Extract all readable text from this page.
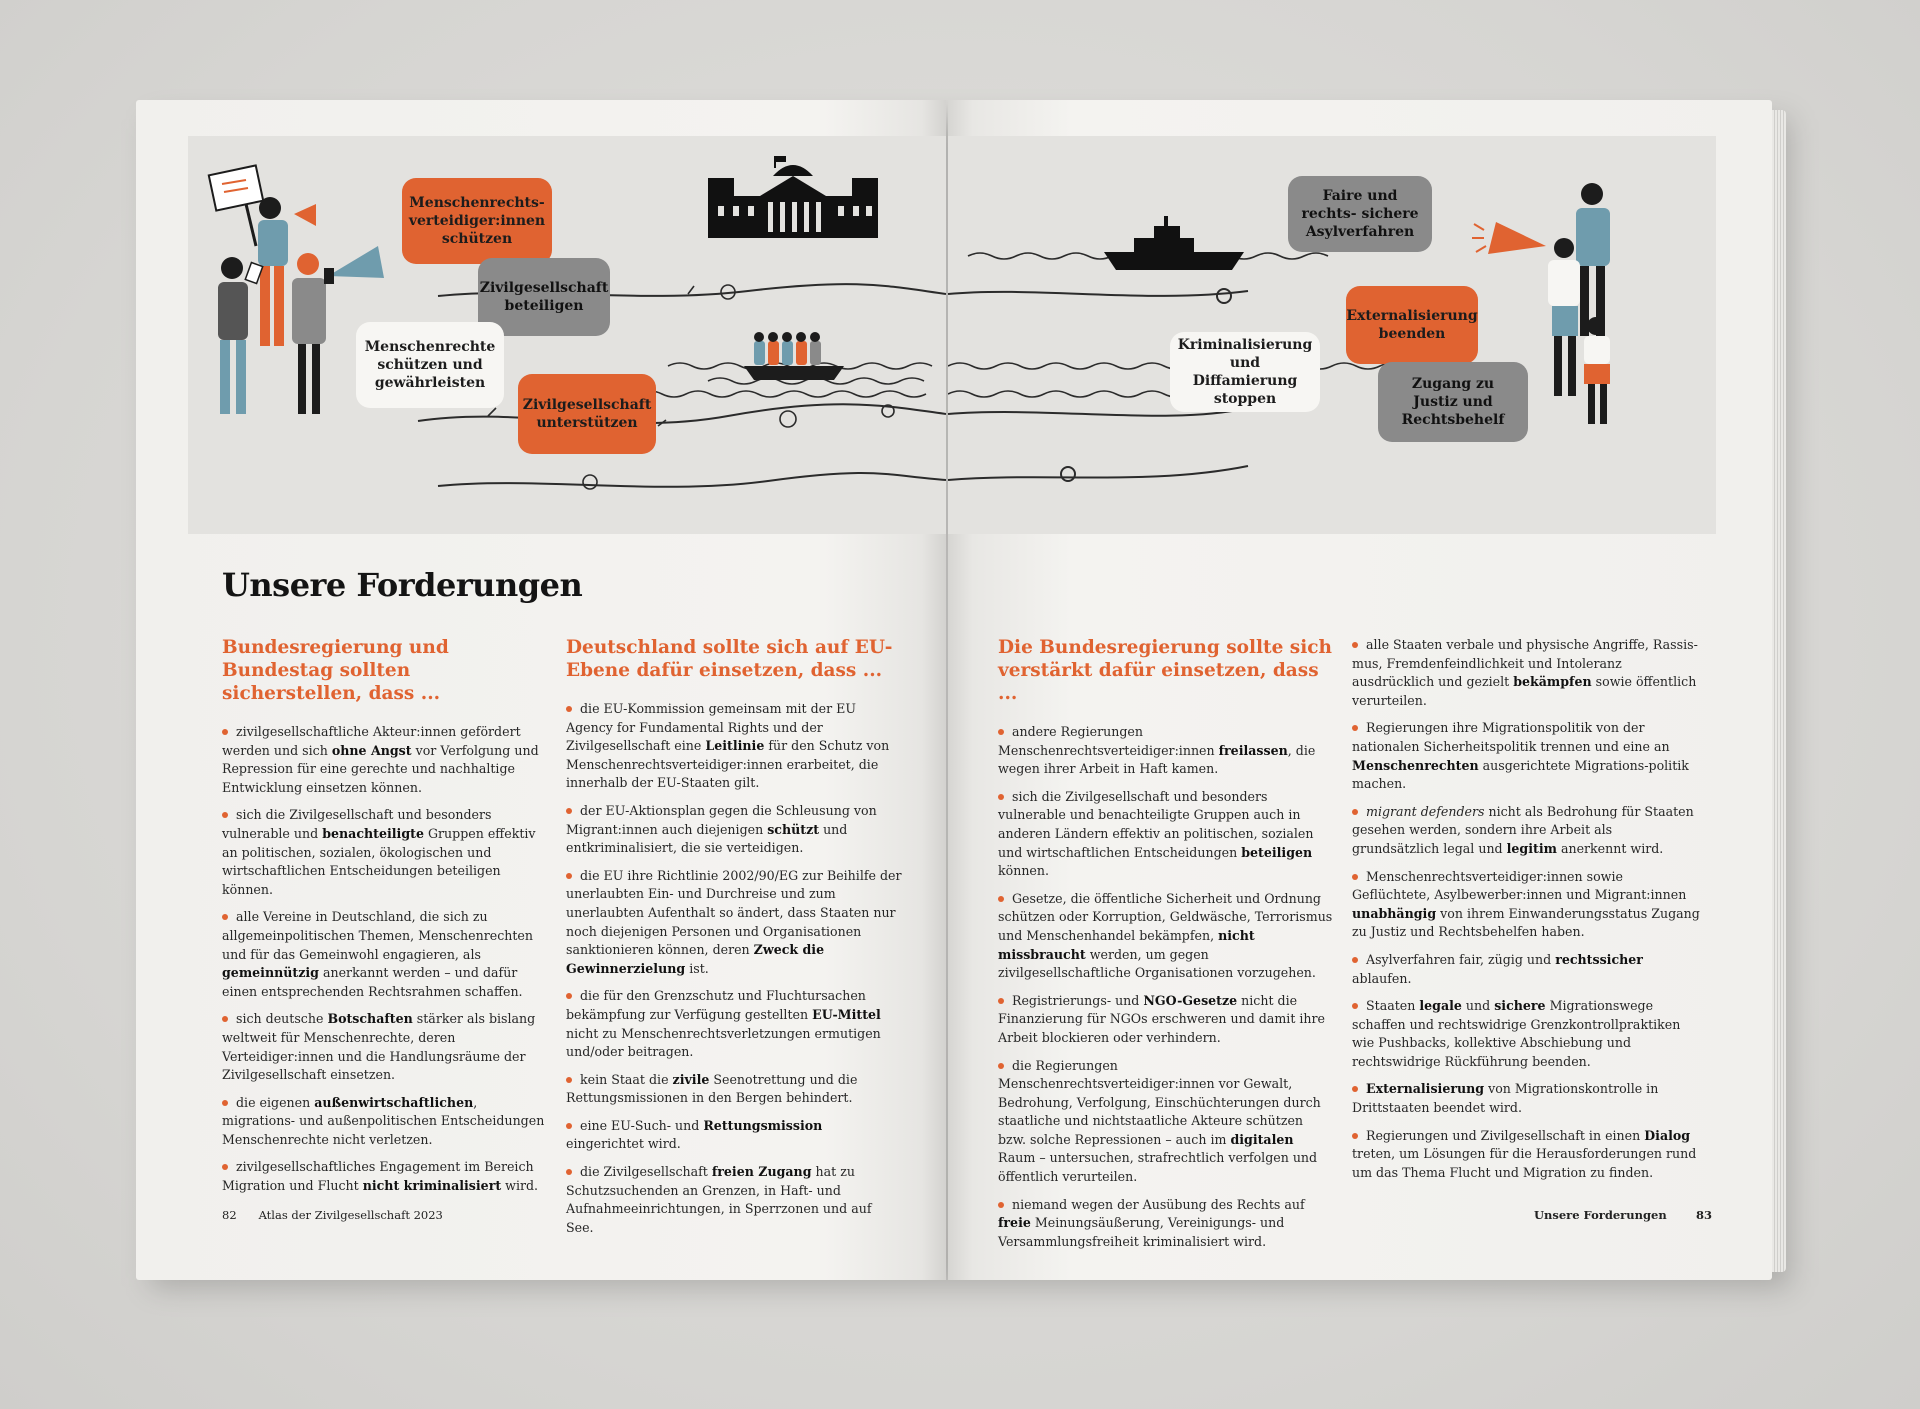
Menschenrechts- verteidiger:innen schützen
Zivilgesellschaft beteiligen
Menschenrechte schützen und gewährleisten
Zivilgesellschaft unterstützen
Unsere Forderungen
Bundesregierung und Bundestag sollten sicherstellen, dass ...
zivilgesellschaftliche Akteur:innen gefördert werden und sich ohne Angst vor Verfolgung und Repression für eine gerechte und nachhaltige Entwicklung einsetzen können.
sich die Zivilgesellschaft und besonders vulnerable und benachteiligte Gruppen effektiv an politischen, sozialen, ökologischen und wirtschaftlichen Entscheidungen beteiligen können.
alle Vereine in Deutschland, die sich zu allgemeinpolitischen Themen, Menschenrechten und für das Gemeinwohl engagieren, als gemeinnützig anerkannt werden – und dafür einen entsprechenden Rechtsrahmen schaffen.
sich deutsche Botschaften stärker als bislang weltweit für Menschenrechte, deren Verteidiger:innen und die Handlungsräume der Zivilgesellschaft einsetzen.
die eigenen außenwirtschaftlichen, migrations- und außenpolitischen Entscheidungen Menschenrechte nicht verletzen.
zivilgesellschaftliches Engagement im Bereich Migration und Flucht nicht kriminalisiert wird.
Deutschland sollte sich auf EU-Ebene dafür einsetzen, dass ...
die EU-Kommission gemeinsam mit der EU Agency for Fundamental Rights und der Zivilgesellschaft eine Leitlinie für den Schutz von Menschenrechtsverteidiger:innen erarbeitet, die innerhalb der EU-Staaten gilt.
der EU-Aktionsplan gegen die Schleusung von Migrant:innen auch diejenigen schützt und entkriminalisiert, die sie verteidigen.
die EU ihre Richtlinie 2002/90/EG zur Beihilfe der unerlaubten Ein- und Durchreise und zum unerlaubten Aufenthalt so ändert, dass Staaten nur noch diejenigen Personen und Organisationen sanktionieren können, deren Zweck die Gewinnerzielung ist.
die für den Grenzschutz und Fluchtursachen bekämpfung zur Verfügung gestellten EU-Mittel nicht zu Menschenrechtsverletzungen ermutigen und/oder beitragen.
kein Staat die zivile Seenotrettung und die Rettungsmissionen in den Bergen behindert.
eine EU-Such- und Rettungsmission eingerichtet wird.
die Zivilgesellschaft freien Zugang hat zu Schutzsuchenden an Grenzen, in Haft- und Aufnahmeeinrichtungen, in Sperrzonen und auf See.
82 Atlas der Zivilgesellschaft 2023
Faire und rechts- sichere Asylverfahren
Externalisierung beenden
Kriminalisierung und Diffamierung stoppen
Zugang zu Justiz und Rechtsbehelf
Die Bundesregierung sollte sich verstärkt dafür einsetzen, dass ...
andere Regierungen Menschenrechtsverteidiger:innen freilassen, die wegen ihrer Arbeit in Haft kamen.
sich die Zivilgesellschaft und besonders vulnerable und benachteiligte Gruppen auch in anderen Ländern effektiv an politischen, sozialen und wirtschaftlichen Entscheidungen beteiligen können.
Gesetze, die öffentliche Sicherheit und Ordnung schützen oder Korruption, Geldwäsche, Terrorismus und Menschenhandel bekämpfen, nicht missbraucht werden, um gegen zivilgesellschaftliche Organisationen vorzugehen.
Registrierungs- und NGO-Gesetze nicht die Finanzierung für NGOs erschweren und damit ihre Arbeit blockieren oder verhindern.
die Regierungen Menschenrechtsverteidiger:innen vor Gewalt, Bedrohung, Verfolgung, Einschüchterungen durch staatliche und nichtstaatliche Akteure schützen bzw. solche Repressionen – auch im digitalen Raum – untersuchen, strafrechtlich verfolgen und öffentlich verurteilen.
niemand wegen der Ausübung des Rechts auf freie Meinungsäußerung, Vereinigungs- und Versammlungsfreiheit kriminalisiert wird.
alle Staaten verbale und physische Angriffe, Rassismus, Fremdenfeindlichkeit und Intoleranz ausdrücklich und gezielt bekämpfen sowie öffentlich verurteilen.
Regierungen ihre Migrationspolitik von der nationalen Sicherheitspolitik trennen und eine an Menschenrechten ausgerichtete Migrations-politik machen.
migrant defenders nicht als Bedrohung für Staaten gesehen werden, sondern ihre Arbeit als grundsätzlich legal und legitim anerkennt wird.
Menschenrechtsverteidiger:innen sowie Geflüchtete, Asylbewerber:innen und Migrant:innen unabhängig von ihrem Einwanderungsstatus Zugang zu Justiz und Rechtsbehelfen haben.
Asylverfahren fair, zügig und rechtssicher ablaufen.
Staaten legale und sichere Migrationswege schaffen und rechtswidrige Grenzkontrollpraktiken wie Pushbacks, kollektive Abschiebung und rechtswidrige Rückführung beenden.
Externalisierung von Migrationskontrolle in Drittstaaten beendet wird.
Regierungen und Zivilgesellschaft in einen Dialog treten, um Lösungen für die Herausforderungen rund um das Thema Flucht und Migration zu finden.
Unsere Forderungen	83
